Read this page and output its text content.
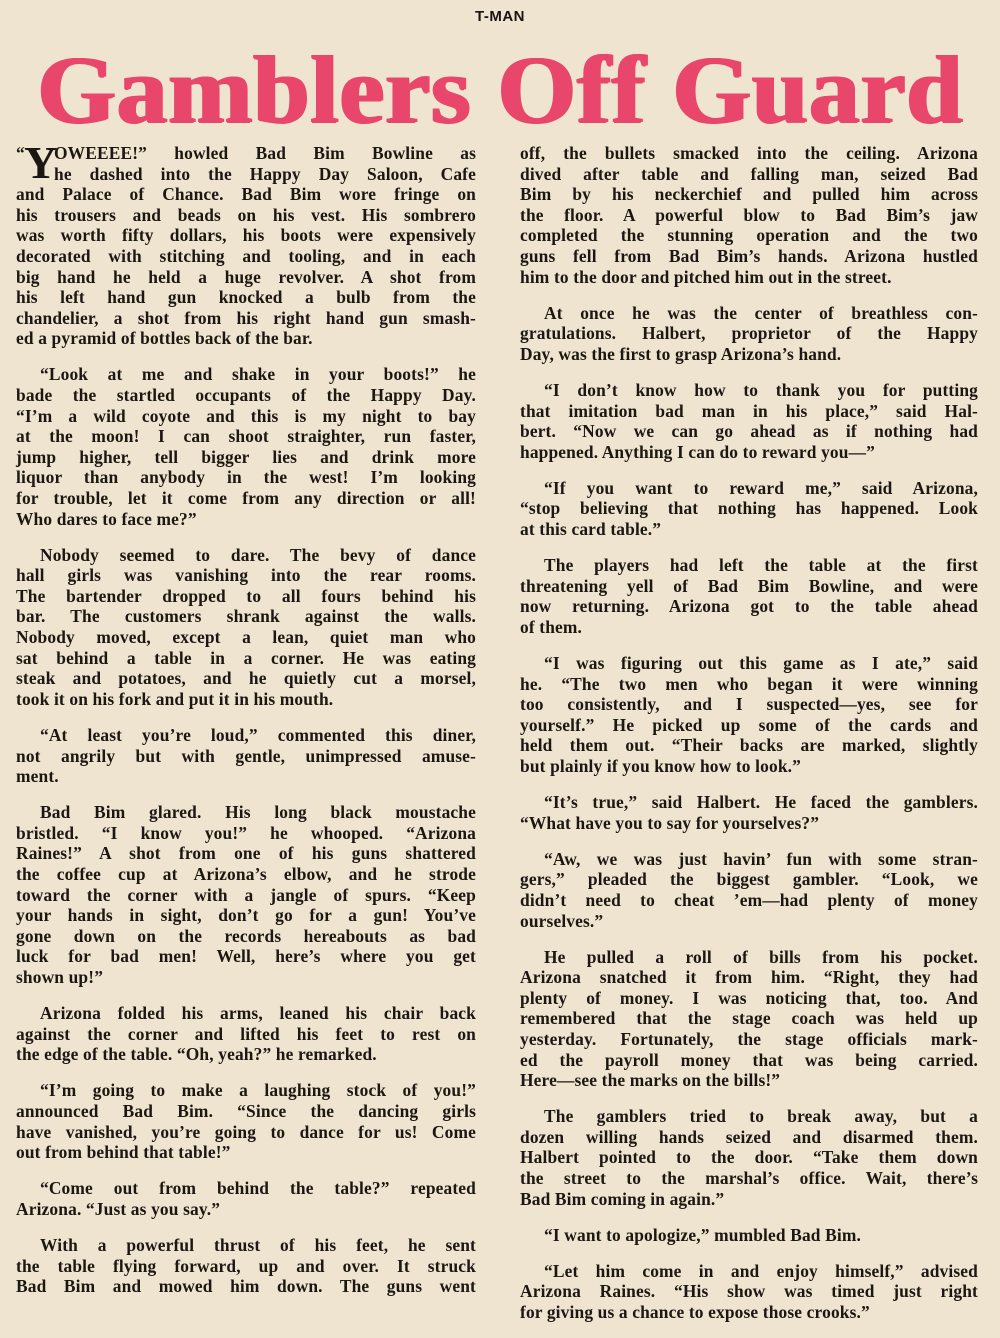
T-MAN
Gamblers Off Guard
“ Y
OWEEEE!” howled Bad Bim Bowline as
he dashed into the Happy Day Saloon, Cafe
and Palace of Chance. Bad Bim wore fringe on
his trousers and beads on his vest. His sombrero
was worth fifty dollars, his boots were expensively
decorated with stitching and tooling, and in each
big hand he held a huge revolver. A shot from
his left hand gun knocked a bulb from the
chandelier, a shot from his right hand gun smash-
ed a pyramid of bottles back of the bar.
“Look at me and shake in your boots!” he
bade the startled occupants of the Happy Day.
“I’m a wild coyote and this is my night to bay
at the moon! I can shoot straighter, run faster,
jump higher, tell bigger lies and drink more
liquor than anybody in the west! I’m looking
for trouble, let it come from any direction or all!
Who dares to face me?”
Nobody seemed to dare. The bevy of dance
hall girls was vanishing into the rear rooms.
The bartender dropped to all fours behind his
bar. The customers shrank against the walls.
Nobody moved, except a lean, quiet man who
sat behind a table in a corner. He was eating
steak and potatoes, and he quietly cut a morsel,
took it on his fork and put it in his mouth.
“At least you’re loud,” commented this diner,
not angrily but with gentle, unimpressed amuse-
ment.
Bad Bim glared. His long black moustache
bristled. “I know you!” he whooped. “Arizona
Raines!” A shot from one of his guns shattered
the coffee cup at Arizona’s elbow, and he strode
toward the corner with a jangle of spurs. “Keep
your hands in sight, don’t go for a gun! You’ve
gone down on the records hereabouts as bad
luck for bad men! Well, here’s where you get
shown up!”
Arizona folded his arms, leaned his chair back
against the corner and lifted his feet to rest on
the edge of the table. “Oh, yeah?” he remarked.
“I’m going to make a laughing stock of you!”
announced Bad Bim. “Since the dancing girls
have vanished, you’re going to dance for us! Come
out from behind that table!”
“Come out from behind the table?” repeated
Arizona. “Just as you say.”
With a powerful thrust of his feet, he sent
the table flying forward, up and over. It struck
Bad Bim and mowed him down. The guns went
off, the bullets smacked into the ceiling. Arizona
dived after table and falling man, seized Bad
Bim by his neckerchief and pulled him across
the floor. A powerful blow to Bad Bim’s jaw
completed the stunning operation and the two
guns fell from Bad Bim’s hands. Arizona hustled
him to the door and pitched him out in the street.
At once he was the center of breathless con-
gratulations. Halbert, proprietor of the Happy
Day, was the first to grasp Arizona’s hand.
“I don’t know how to thank you for putting
that imitation bad man in his place,” said Hal-
bert. “Now we can go ahead as if nothing had
happened. Anything I can do to reward you—”
“If you want to reward me,” said Arizona,
“stop believing that nothing has happened. Look
at this card table.”
The players had left the table at the first
threatening yell of Bad Bim Bowline, and were
now returning. Arizona got to the table ahead
of them.
“I was figuring out this game as I ate,” said
he. “The two men who began it were winning
too consistently, and I suspected—yes, see for
yourself.” He picked up some of the cards and
held them out. “Their backs are marked, slightly
but plainly if you know how to look.”
“It’s true,” said Halbert. He faced the gamblers.
“What have you to say for yourselves?”
“Aw, we was just havin’ fun with some stran-
gers,” pleaded the biggest gambler. “Look, we
didn’t need to cheat ’em—had plenty of money
ourselves.”
He pulled a roll of bills from his pocket.
Arizona snatched it from him. “Right, they had
plenty of money. I was noticing that, too. And
remembered that the stage coach was held up
yesterday. Fortunately, the stage officials mark-
ed the payroll money that was being carried.
Here—see the marks on the bills!”
The gamblers tried to break away, but a
dozen willing hands seized and disarmed them.
Halbert pointed to the door. “Take them down
the street to the marshal’s office. Wait, there’s
Bad Bim coming in again.”
“I want to apologize,” mumbled Bad Bim.
“Let him come in and enjoy himself,” advised
Arizona Raines. “His show was timed just right
for giving us a chance to expose those crooks.”
